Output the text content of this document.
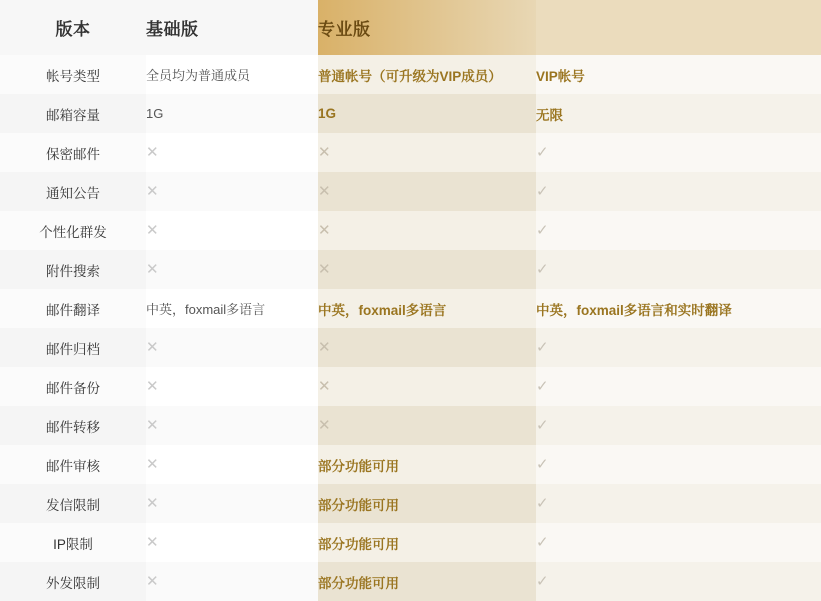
版本	基础版	专业版	
帐号类型	全员均为普通成员	普通帐号（可升级为VIP成员）	VIP帐号
邮箱容量	1G	1G	无限
保密邮件	✕	✕	✓
通知公告	✕	✕	✓
个性化群发	✕	✕	✓
附件搜索	✕	✕	✓
邮件翻译	中英，foxmail多语言	中英，foxmail多语言	中英，foxmail多语言和实时翻译
邮件归档	✕	✕	✓
邮件备份	✕	✕	✓
邮件转移	✕	✕	✓
邮件审核	✕	部分功能可用	✓
发信限制	✕	部分功能可用	✓
IP限制	✕	部分功能可用	✓
外发限制	✕	部分功能可用	✓
